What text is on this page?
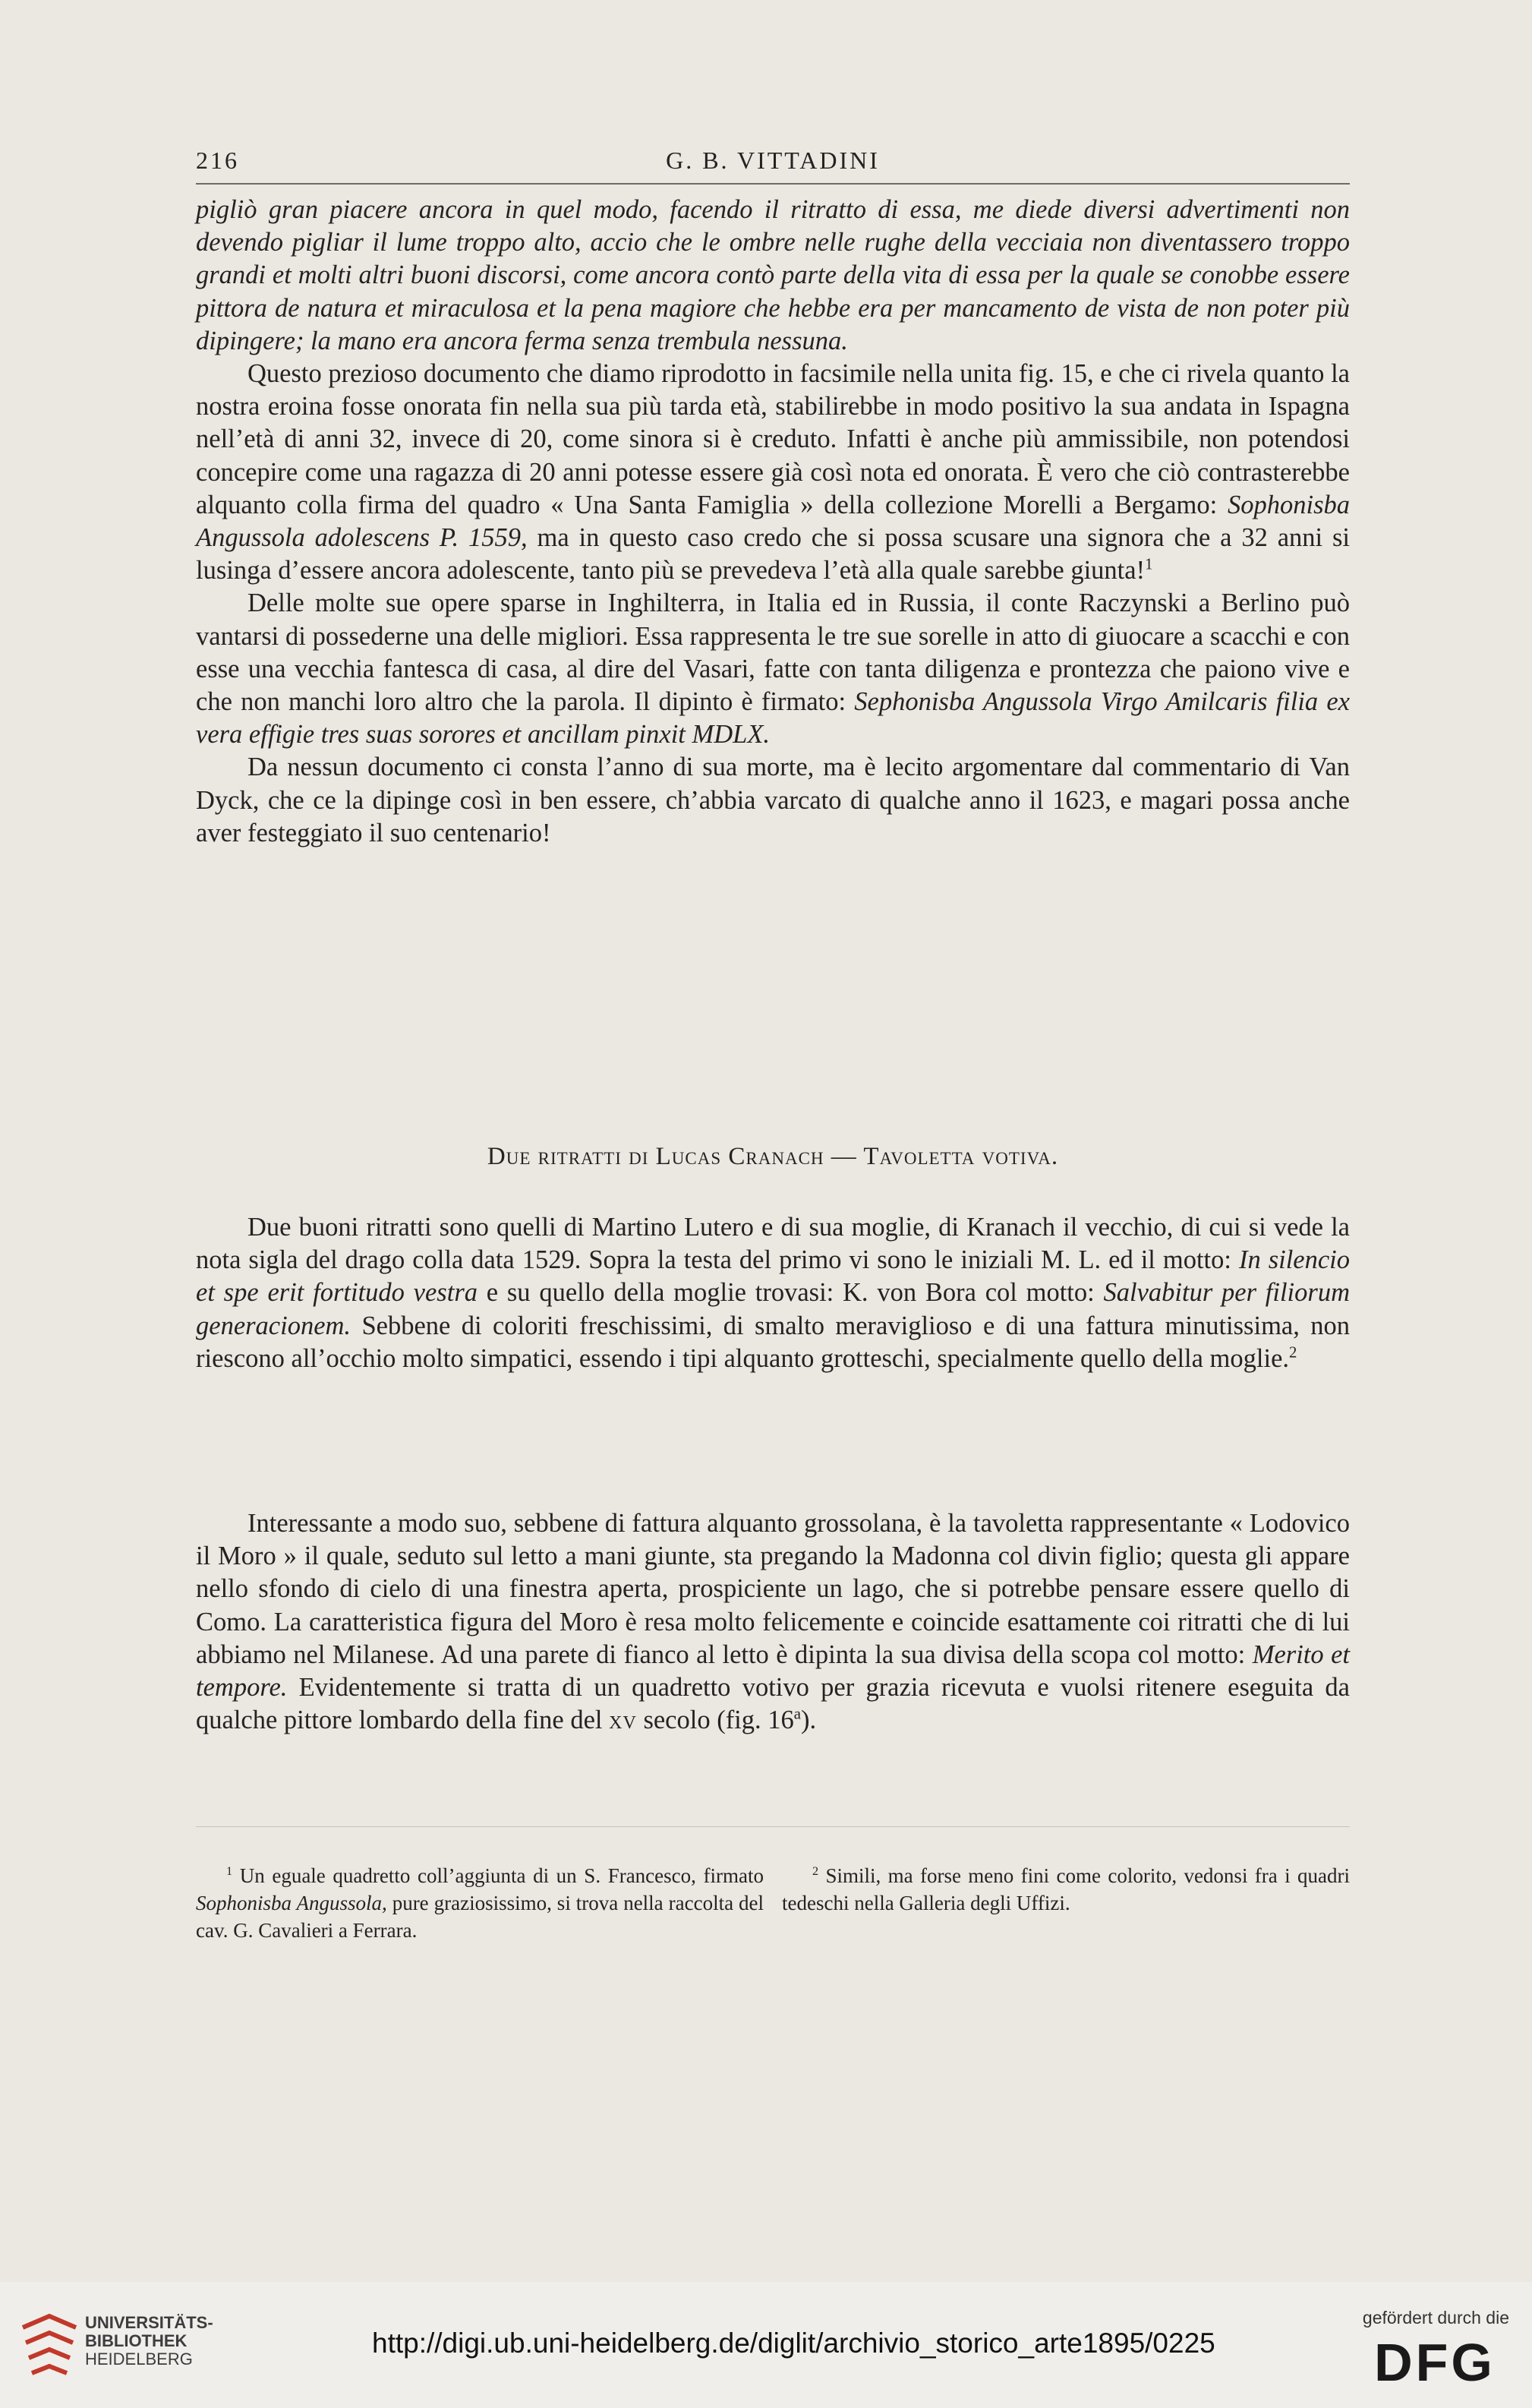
216	G. B. VITTADINI

pigliò gran piacere ancora in quel modo, facendo il ritratto di essa, me diede diversi advertimenti non devendo pigliar il lume troppo alto, accio che le ombre nelle rughe della vecciaia non diventassero troppo grandi et molti altri buoni discorsi, come ancora contò parte della vita di essa per la quale se conobbe essere pittora de natura et miraculosa et la pena magiore che hebbe era per mancamento de vista de non poter più dipingere; la mano era ancora ferma senza trembula nessuna.

Questo prezioso documento che diamo riprodotto in facsimile nella unita fig. 15, e che ci rivela quanto la nostra eroina fosse onorata fin nella sua più tarda età, stabilirebbe in modo positivo la sua andata in Ispagna nell’età di anni 32, invece di 20, come sinora si è creduto. Infatti è anche più ammissibile, non potendosi concepire come una ragazza di 20 anni potesse essere già così nota ed onorata. È vero che ciò contrasterebbe alquanto colla firma del quadro « Una Santa Famiglia » della collezione Morelli a Bergamo: Sophonisba Angussola adolescens P. 1559, ma in questo caso credo che si possa scusare una signora che a 32 anni si lusinga d’essere ancora adolescente, tanto più se prevedeva l’età alla quale sarebbe giunta!$^1$

Delle molte sue opere sparse in Inghilterra, in Italia ed in Russia, il conte Raczynski a Berlino può vantarsi di possederne una delle migliori. Essa rappresenta le tre sue sorelle in atto di giuocare a scacchi e con esse una vecchia fantesca di casa, al dire del Vasari, fatte con tanta diligenza e prontezza che paiono vive e che non manchi loro altro che la parola. Il dipinto è firmato: Sephonisba Angussola Virgo Amilcaris filia ex vera effigie tres suas sorores et ancillam pinxit MDLX.

Da nessun documento ci consta l’anno di sua morte, ma è lecito argomentare dal commentario di Van Dyck, che ce la dipinge così in ben essere, ch’abbia varcato di qualche anno il 1623, e magari possa anche aver festeggiato il suo centenario!

Due ritratti di Lucas Cranach — Tavoletta votiva.

Due buoni ritratti sono quelli di Martino Lutero e di sua moglie, di Kranach il vecchio, di cui si vede la nota sigla del drago colla data 1529. Sopra la testa del primo vi sono le iniziali M. L. ed il motto: In silencio et spe erit fortitudo vestra e su quello della moglie trovasi: K. von Bora col motto: Salvabitur per filiorum generacionem. Sebbene di coloriti freschissimi, di smalto meraviglioso e di una fattura minutissima, non riescono all’occhio molto simpatici, essendo i tipi alquanto grotteschi, specialmente quello della moglie.$^2$

Interessante a modo suo, sebbene di fattura alquanto grossolana, è la tavoletta rappresentante « Lodovico il Moro » il quale, seduto sul letto a mani giunte, sta pregando la Madonna col divin figlio; questa gli appare nello sfondo di cielo di una finestra aperta, prospiciente un lago, che si potrebbe pensare essere quello di Como. La caratteristica figura del Moro è resa molto felicemente e coincide esattamente coi ritratti che di lui abbiamo nel Milanese. Ad una parete di fianco al letto è dipinta la sua divisa della scopa col motto: Merito et tempore. Evidentemente si tratta di un quadretto votivo per grazia ricevuta e vuolsi ritenere eseguita da qualche pittore lombardo della fine del xv secolo (fig. 16$^a$).

$^1$ Un eguale quadretto coll’aggiunta di un S. Francesco, firmato Sophonisba Angussola, pure graziosissimo, si trova nella raccolta del cav. G. Cavalieri a Ferrara.
$^2$ Simili, ma forse meno fini come colorito, vedonsi fra i quadri tedeschi nella Galleria degli Uffizi.
UNIVERSITÄTS-
BIBLIOTHEK
HEIDELBERG
http://digi.ub.uni-heidelberg.de/diglit/archivio_storico_arte1895/0225
gefördert durch die
DFG
